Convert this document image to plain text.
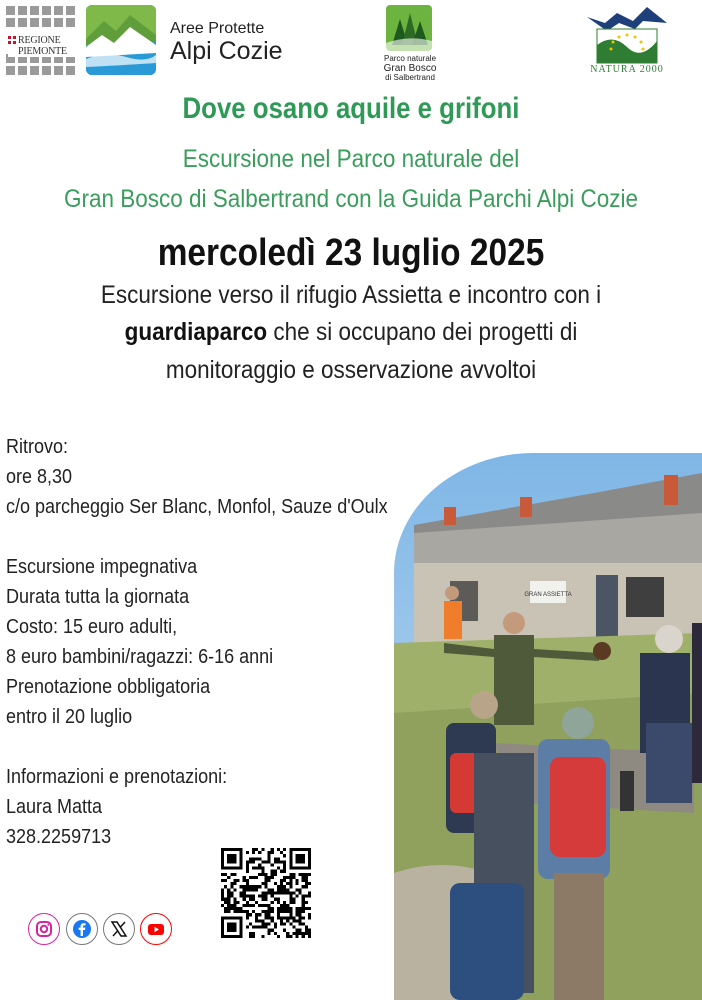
REGIONE
PIEMONTE
Aree Protette
Alpi Cozie	Parco naturale
Gran Bosco
di Salbertrand
NATURA 2000
Dove osano aquile e grifoni
Escursione nel Parco naturale del
Gran Bosco di Salbertrand con la Guida Parchi Alpi Cozie
mercoledì 23 luglio 2025
Escursione verso il rifugio Assietta e incontro con i
guardiaparco che si occupano dei progetti di
monitoraggio e osservazione avvoltoi
Ritrovo:
ore 8,30
c/o parcheggio Ser Blanc, Monfol, Sauze d'Oulx
Escursione impegnativa
Durata tutta la giornata
Costo: 15 euro adulti,
8 euro bambini/ragazzi: 6-16 anni
Prenotazione obbligatoria
entro il 20 luglio
Informazioni e prenotazioni:
Laura Matta
328.2259713
GRAN ASSIETTA
